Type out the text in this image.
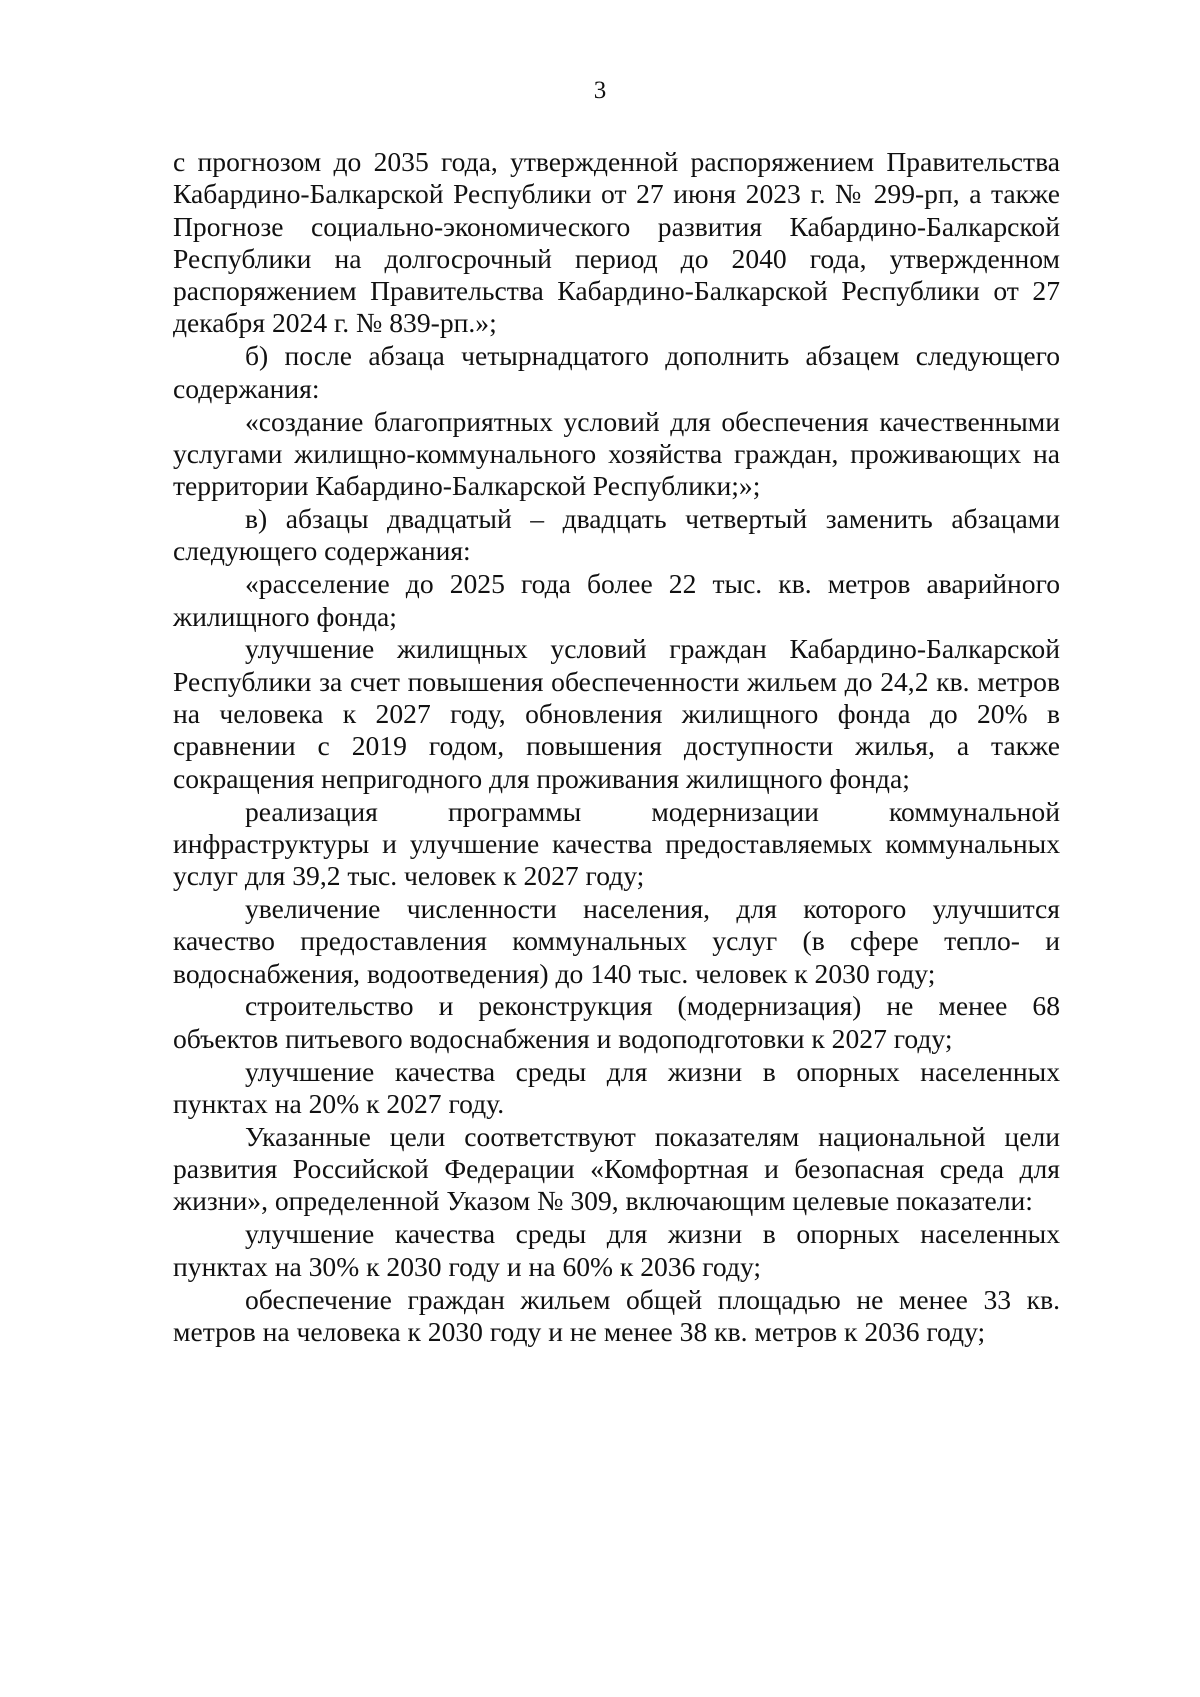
3

с прогнозом до 2035 года, утвержденной распоряжением Правительства Кабардино-Балкарской Республики от 27 июня 2023 г. № 299-рп, а также Прогнозе социально-экономического развития Кабардино-Балкарской Республики на долгосрочный период до 2040 года, утвержденном распоряжением Правительства Кабардино-Балкарской Республики от 27 декабря 2024 г. № 839-рп.»;

б) после абзаца четырнадцатого дополнить абзацем следующего содержания:

«создание благоприятных условий для обеспечения качественными услугами жилищно-коммунального хозяйства граждан, проживающих на территории Кабардино-Балкарской Республики;»;

в) абзацы двадцатый – двадцать четвертый заменить абзацами следующего содержания:

«расселение до 2025 года более 22 тыс. кв. метров аварийного жилищного фонда;

улучшение жилищных условий граждан Кабардино-Балкарской Республики за счет повышения обеспеченности жильем до 24,2 кв. метров на человека к 2027 году, обновления жилищного фонда до 20% в сравнении с 2019 годом, повышения доступности жилья, а также сокращения непригодного для проживания жилищного фонда;

реализация программы модернизации коммунальной инфраструктуры и улучшение качества предоставляемых коммунальных услуг для 39,2 тыс. человек к 2027 году;

увеличение численности населения, для которого улучшится качество предоставления коммунальных услуг (в сфере тепло- и водоснабжения, водоотведения) до 140 тыс. человек к 2030 году;

строительство и реконструкция (модернизация) не менее 68 объектов питьевого водоснабжения и водоподготовки к 2027 году;

улучшение качества среды для жизни в опорных населенных пунктах на 20% к 2027 году.

Указанные цели соответствуют показателям национальной цели развития Российской Федерации «Комфортная и безопасная среда для жизни», определенной Указом № 309, включающим целевые показатели:

улучшение качества среды для жизни в опорных населенных пунктах на 30% к 2030 году и на 60% к 2036 году;

обеспечение граждан жильем общей площадью не менее 33 кв. метров на человека к 2030 году и не менее 38 кв. метров к 2036 году;
